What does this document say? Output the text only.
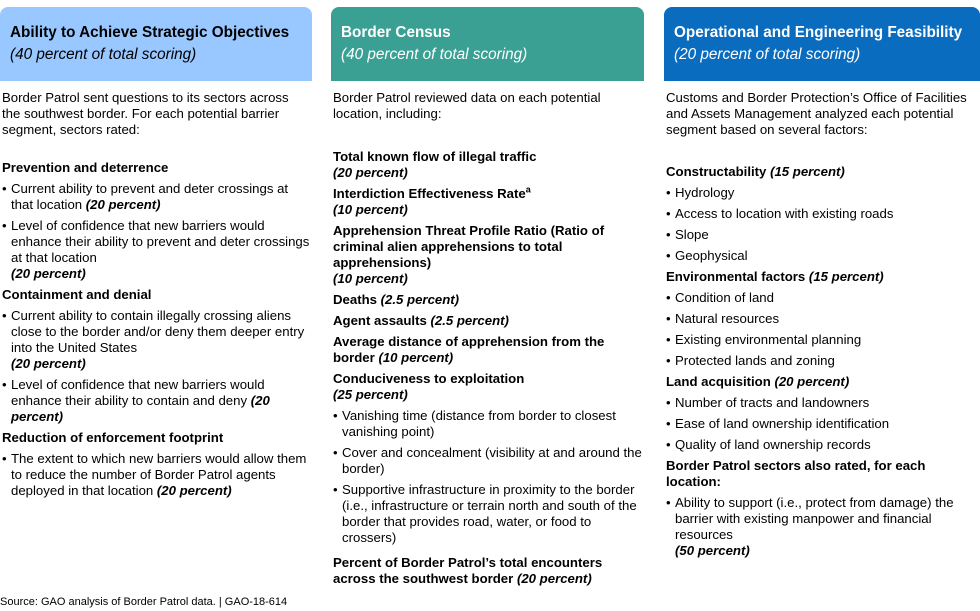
Ability to Achieve Strategic Objectives
(40 percent of total scoring)
Border Patrol sent questions to its sectors across the southwest border. For each potential barrier segment, sectors rated:
Prevention and deterrence
• Current ability to prevent and deter crossings at that location (20 percent)
• Level of confidence that new barriers would enhance their ability to prevent and deter crossings at that location
(20 percent)
Containment and denial
• Current ability to contain illegally crossing aliens close to the border and/or deny them deeper entry into the United States
(20 percent)
• Level of confidence that new barriers would enhance their ability to contain and deny (20 percent)
Reduction of enforcement footprint
• The extent to which new barriers would allow them to reduce the number of Border Patrol agents deployed in that location (20 percent)
Border Census
(40 percent of total scoring)
Border Patrol reviewed data on each potential location, including:
Total known flow of illegal traffic
(20 percent)
Interdiction Effectiveness Rate$^a$
(10 percent)
Apprehension Threat Profile Ratio (Ratio of criminal alien apprehensions to total apprehensions)
(10 percent)
Deaths (2.5 percent)
Agent assaults (2.5 percent)
Average distance of apprehension from the border (10 percent)
Conduciveness to exploitation
(25 percent)
• Vanishing time (distance from border to closest vanishing point)
• Cover and concealment (visibility at and around the border)
• Supportive infrastructure in proximity to the border (i.e., infrastructure or terrain north and south of the border that provides road, water, or food to crossers)
Percent of Border Patrol’s total encounters across the southwest border (20 percent)
Operational and Engineering Feasibility
(20 percent of total scoring)
Customs and Border Protection’s Office of Facilities and Assets Management analyzed each potential segment based on several factors:
Constructability (15 percent)
• Hydrology
• Access to location with existing roads
• Slope
• Geophysical
Environmental factors (15 percent)
• Condition of land
• Natural resources
• Existing environmental planning
• Protected lands and zoning
Land acquisition (20 percent)
• Number of tracts and landowners
• Ease of land ownership identification
• Quality of land ownership records
Border Patrol sectors also rated, for each location:
• Ability to support (i.e., protect from damage) the barrier with existing manpower and financial resources
(50 percent)
Source: GAO analysis of Border Patrol data. | GAO-18-614
